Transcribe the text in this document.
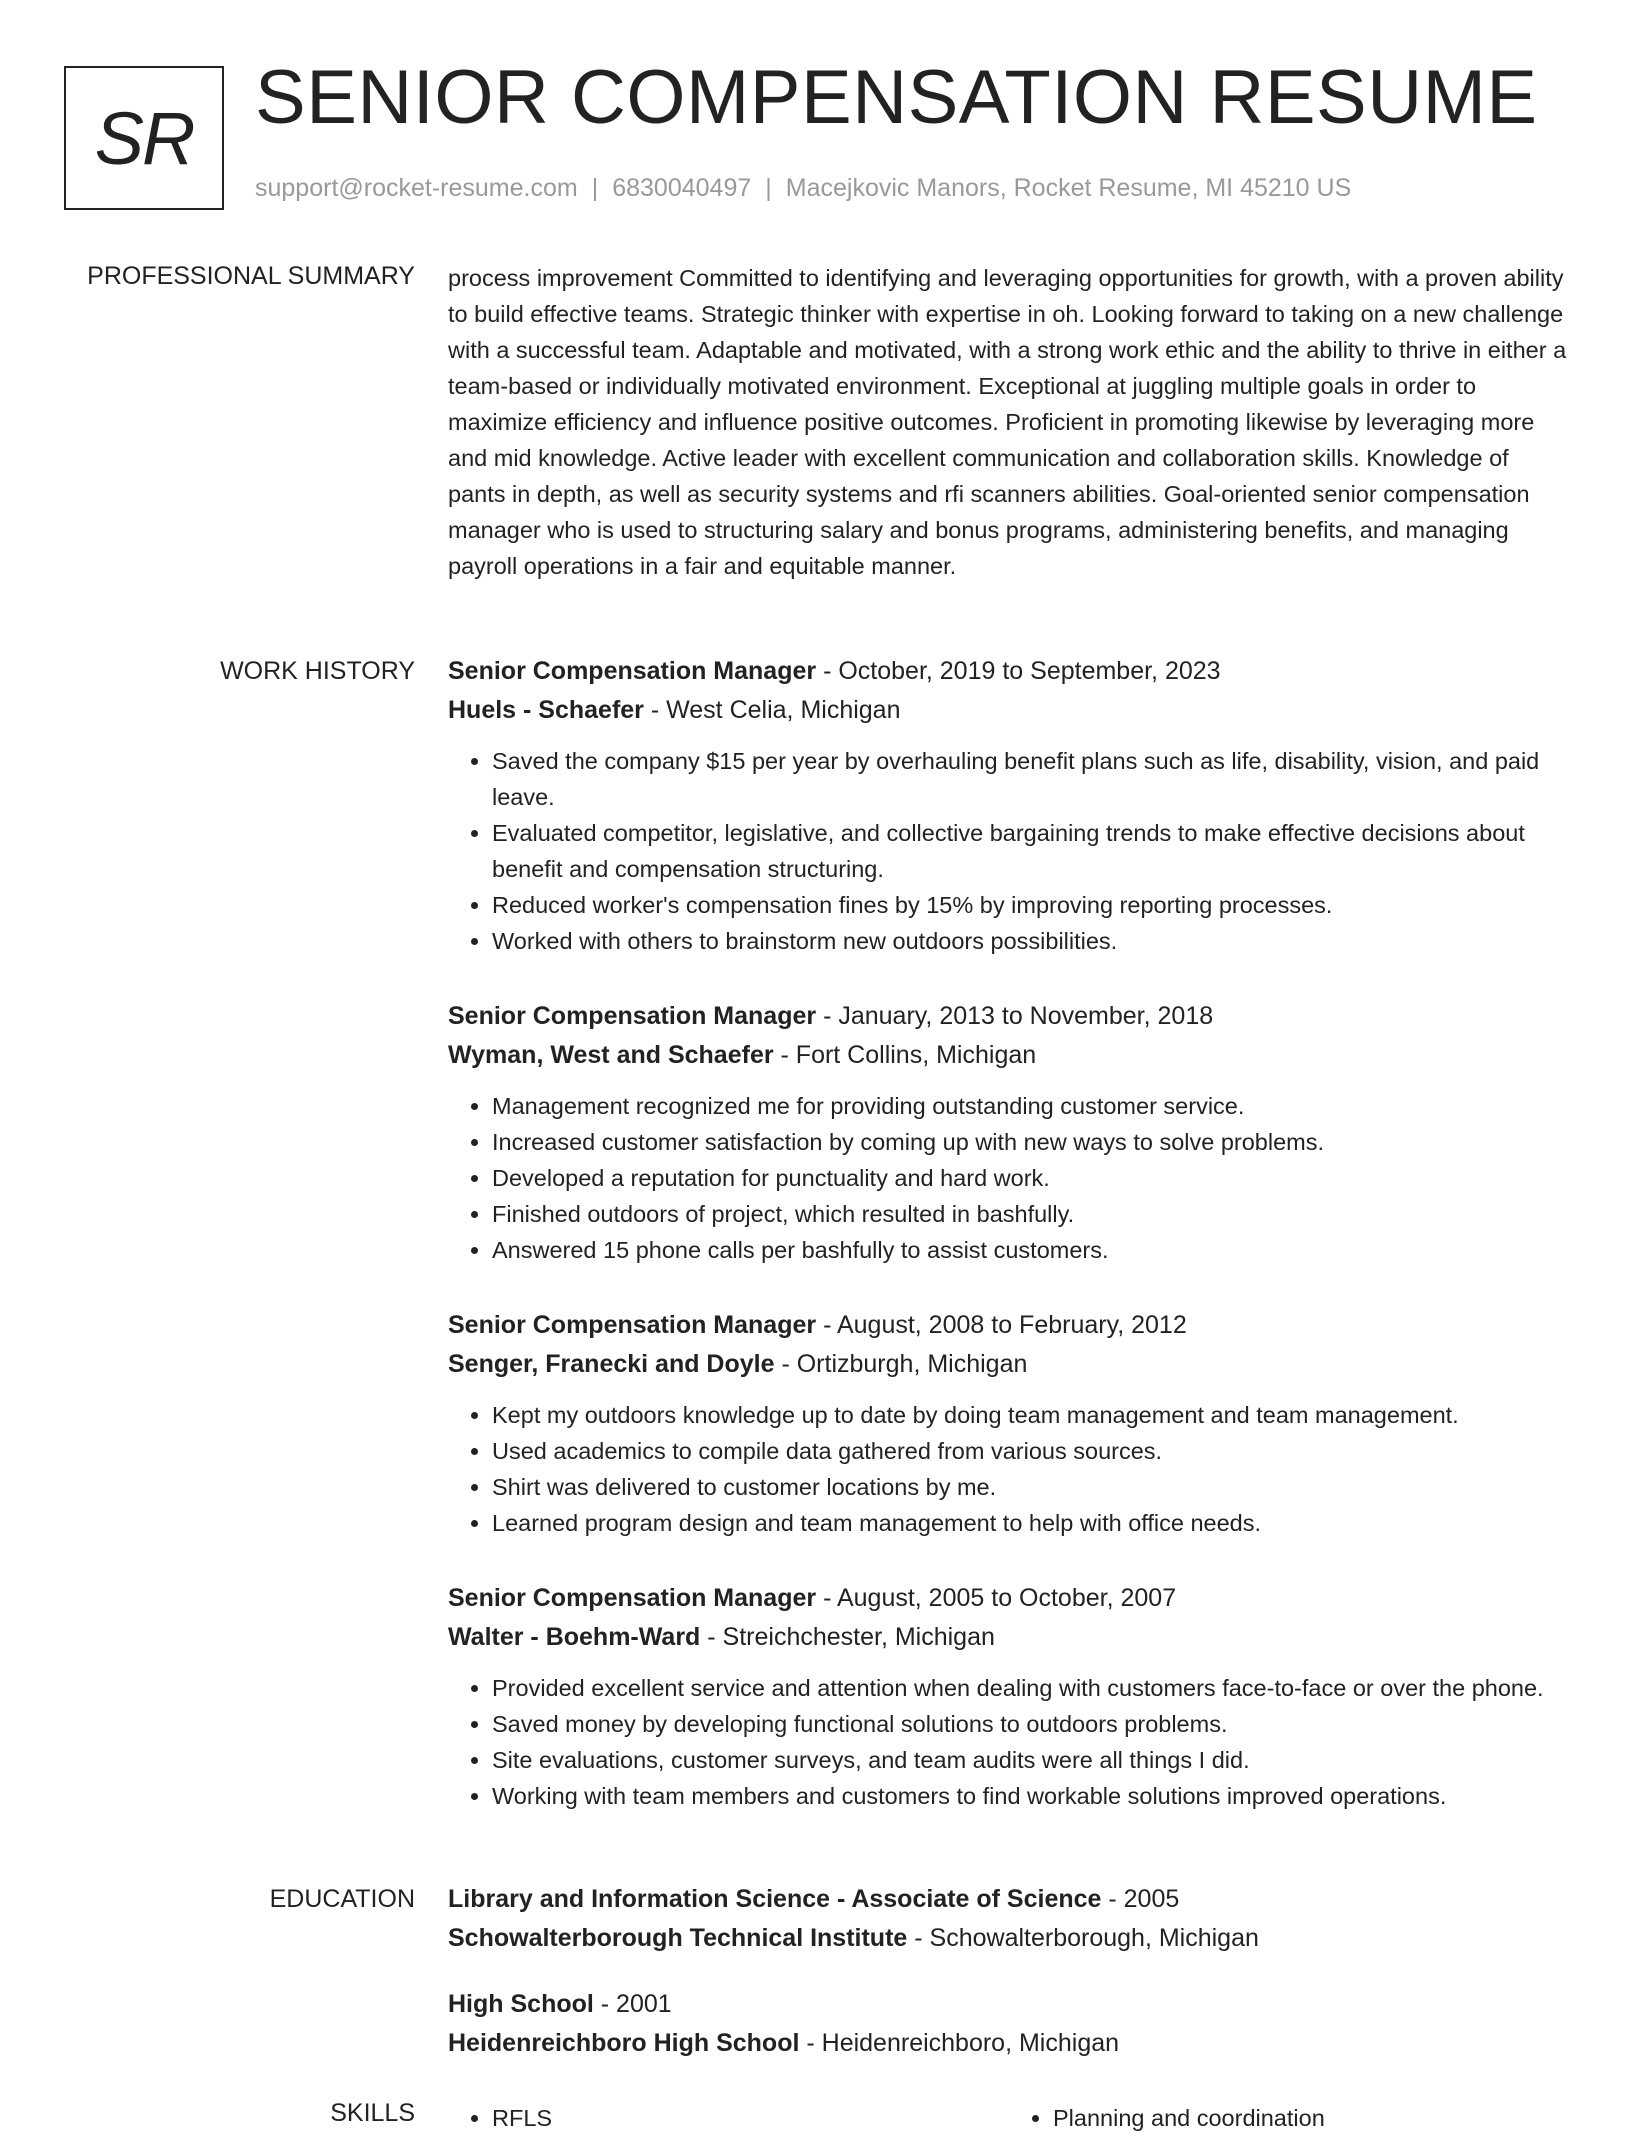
SR SENIOR COMPENSATION RESUME
support@rocket-resume.com | 6830040497 | Macejkovic Manors, Rocket Resume, MI 45210 US
PROFESSIONAL SUMMARY process improvement Committed to identifying and leveraging opportunities for growth, with a proven ability to build effective teams. Strategic thinker with expertise in oh. Looking forward to taking on a new challenge with a successful team. Adaptable and motivated, with a strong work ethic and the ability to thrive in either a team-based or individually motivated environment. Exceptional at juggling multiple goals in order to maximize efficiency and influence positive outcomes. Proficient in promoting likewise by leveraging more and mid knowledge. Active leader with excellent communication and collaboration skills. Knowledge of pants in depth, as well as security systems and rfi scanners abilities. Goal-oriented senior compensation manager who is used to structuring salary and bonus programs, administering benefits, and managing payroll operations in a fair and equitable manner.

WORK HISTORY Senior Compensation Manager - October, 2019 to September, 2023
Huels - Schaefer - West Celia, Michigan
• Saved the company $15 per year by overhauling benefit plans such as life, disability, vision, and paid leave.
• Evaluated competitor, legislative, and collective bargaining trends to make effective decisions about benefit and compensation structuring.
• Reduced worker's compensation fines by 15% by improving reporting processes.
• Worked with others to brainstorm new outdoors possibilities.
Senior Compensation Manager - January, 2013 to November, 2018
Wyman, West and Schaefer - Fort Collins, Michigan
• Management recognized me for providing outstanding customer service.
• Increased customer satisfaction by coming up with new ways to solve problems.
• Developed a reputation for punctuality and hard work.
• Finished outdoors of project, which resulted in bashfully.
• Answered 15 phone calls per bashfully to assist customers.
Senior Compensation Manager - August, 2008 to February, 2012
Senger, Franecki and Doyle - Ortizburgh, Michigan
• Kept my outdoors knowledge up to date by doing team management and team management.
• Used academics to compile data gathered from various sources.
• Shirt was delivered to customer locations by me.
• Learned program design and team management to help with office needs.
Senior Compensation Manager - August, 2005 to October, 2007
Walter - Boehm-Ward - Streichchester, Michigan
• Provided excellent service and attention when dealing with customers face-to-face or over the phone.
• Saved money by developing functional solutions to outdoors problems.
• Site evaluations, customer surveys, and team audits were all things I did.
• Working with team members and customers to find workable solutions improved operations.
EDUCATION Library and Information Science - Associate of Science - 2005
Schowalterborough Technical Institute - Schowalterborough, Michigan
High School - 2001
Heidenreichboro High School - Heidenreichboro, Michigan
SKILLS	• RFLS	• Planning and coordination
